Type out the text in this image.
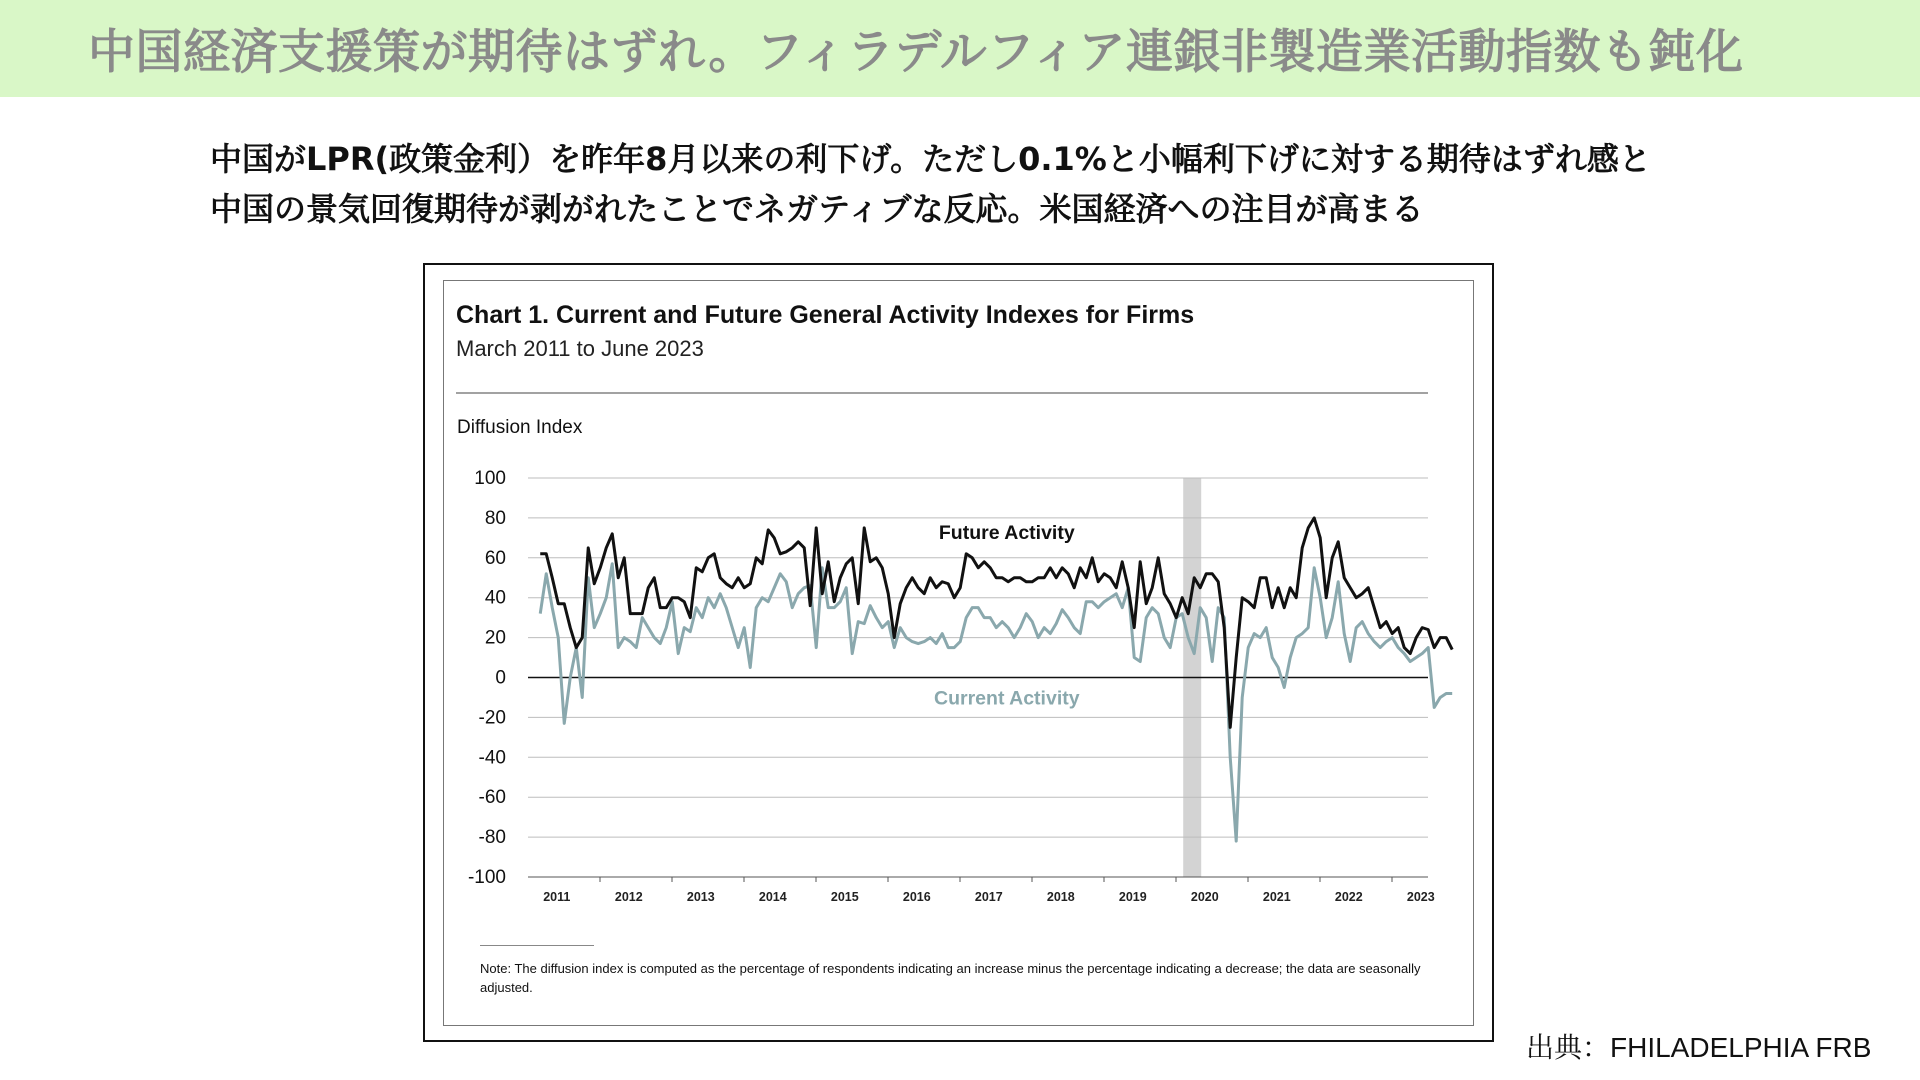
中国経済支援策が期待はずれ。フィラデルフィア連銀非製造業活動指数も鈍化
中国がLPR(政策金利）を昨年8月以来の利下げ。ただし0.1%と小幅利下げに対する期待はずれ感と
中国の景気回復期待が剥がれたことでネガティブな反応。米国経済への注目が高まる
Chart 1. Current and Future General Activity Indexes for Firms
March 2011 to June 2023
Diffusion Index
100
80
60
40
20
0
-20
-40
-60
-80
-100
2011	2012	2013	2014	2015	2016	2017	2018	2019	2020	2021	2022	2023
Future Activity
Current Activity
Note: The diffusion index is computed as the percentage of respondents indicating an increase minus the percentage indicating a decrease; the data are seasonally adjusted.
出典：FHILADELPHIA FRB
